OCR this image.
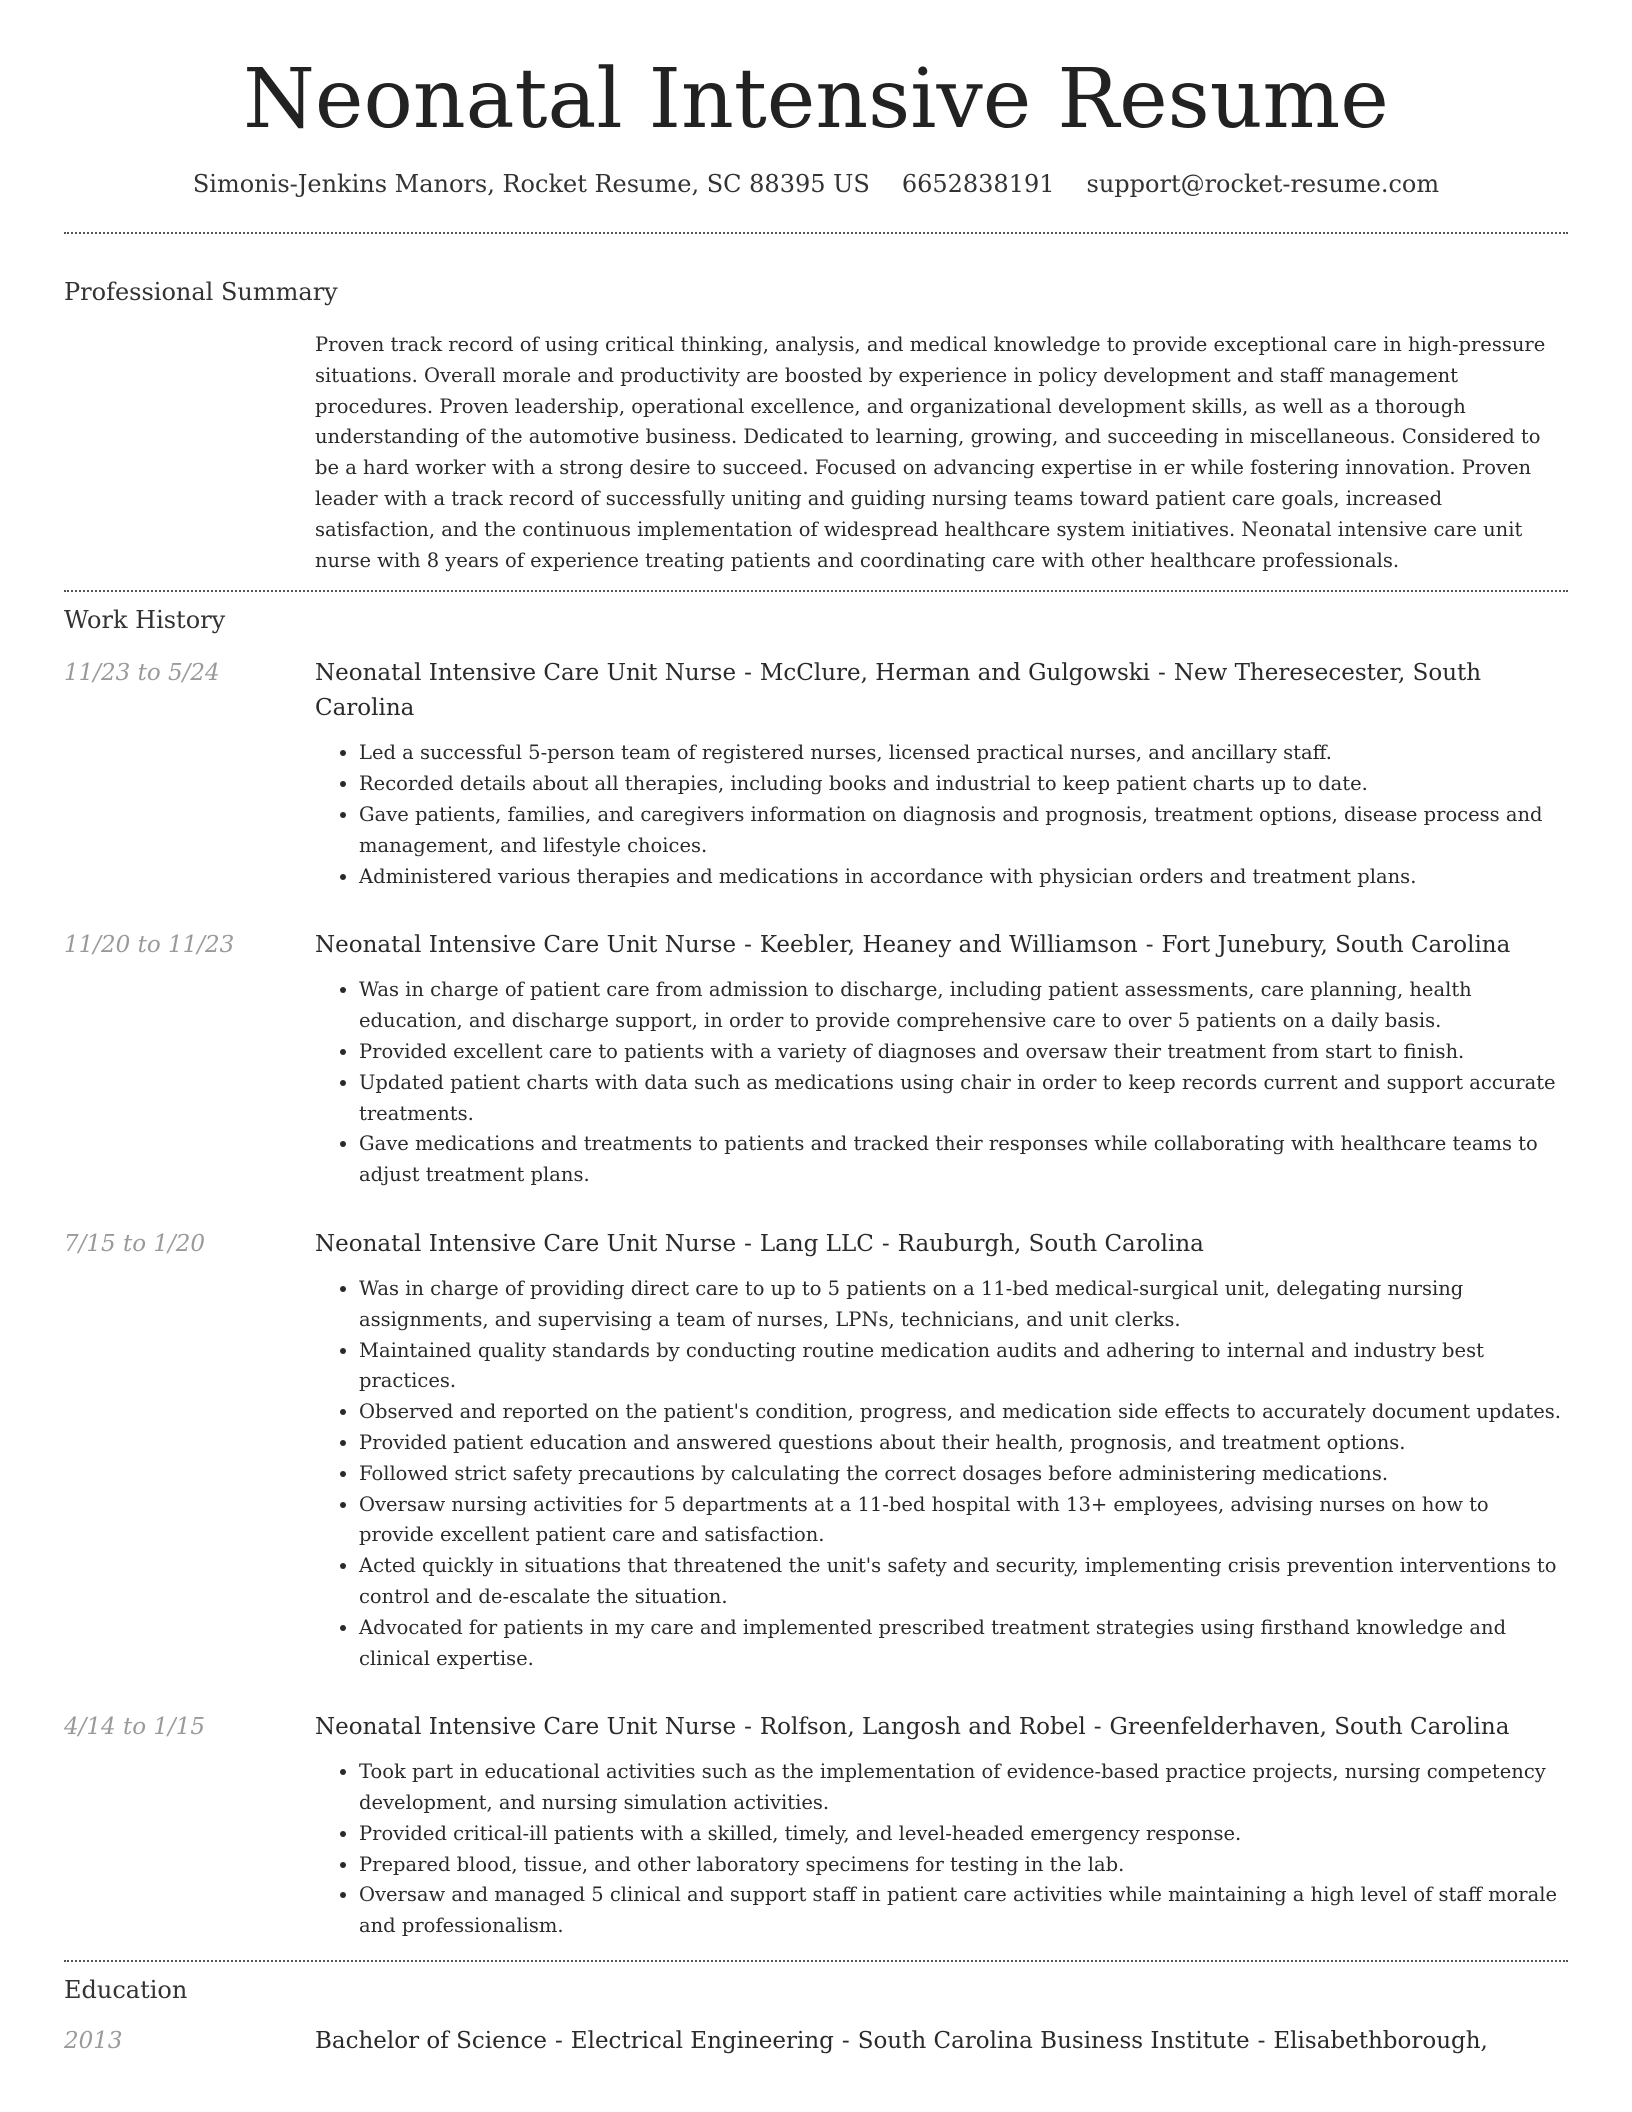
Neonatal Intensive Resume
Simonis-Jenkins Manors, Rocket Resume, SC 88395 US 6652838191 support@rocket-resume.com
Professional Summary
Proven track record of using critical thinking, analysis, and medical knowledge to provide exceptional care in high-pressure situations. Overall morale and productivity are boosted by experience in policy development and staff management procedures. Proven leadership, operational excellence, and organizational development skills, as well as a thorough understanding of the automotive business. Dedicated to learning, growing, and succeeding in miscellaneous. Considered to be a hard worker with a strong desire to succeed. Focused on advancing expertise in er while fostering innovation. Proven leader with a track record of successfully uniting and guiding nursing teams toward patient care goals, increased satisfaction, and the continuous implementation of widespread healthcare system initiatives. Neonatal intensive care unit nurse with 8 years of experience treating patients and coordinating care with other healthcare professionals.
Work History
11/23 to 5/24	Neonatal Intensive Care Unit Nurse - McClure, Herman and Gulgowski - New Theresecester, South Carolina
• Led a successful 5-person team of registered nurses, licensed practical nurses, and ancillary staff.
• Recorded details about all therapies, including books and industrial to keep patient charts up to date.
• Gave patients, families, and caregivers information on diagnosis and prognosis, treatment options, disease process and management, and lifestyle choices.
• Administered various therapies and medications in accordance with physician orders and treatment plans.
11/20 to 11/23	Neonatal Intensive Care Unit Nurse - Keebler, Heaney and Williamson - Fort Junebury, South Carolina
• Was in charge of patient care from admission to discharge, including patient assessments, care planning, health education, and discharge support, in order to provide comprehensive care to over 5 patients on a daily basis.
• Provided excellent care to patients with a variety of diagnoses and oversaw their treatment from start to finish.
• Updated patient charts with data such as medications using chair in order to keep records current and support accurate treatments.
• Gave medications and treatments to patients and tracked their responses while collaborating with healthcare teams to adjust treatment plans.
7/15 to 1/20	Neonatal Intensive Care Unit Nurse - Lang LLC - Rauburgh, South Carolina
• Was in charge of providing direct care to up to 5 patients on a 11-bed medical-surgical unit, delegating nursing assignments, and supervising a team of nurses, LPNs, technicians, and unit clerks.
• Maintained quality standards by conducting routine medication audits and adhering to internal and industry best practices.
• Observed and reported on the patient's condition, progress, and medication side effects to accurately document updates.
• Provided patient education and answered questions about their health, prognosis, and treatment options.
• Followed strict safety precautions by calculating the correct dosages before administering medications.
• Oversaw nursing activities for 5 departments at a 11-bed hospital with 13+ employees, advising nurses on how to provide excellent patient care and satisfaction.
• Acted quickly in situations that threatened the unit's safety and security, implementing crisis prevention interventions to control and de-escalate the situation.
• Advocated for patients in my care and implemented prescribed treatment strategies using firsthand knowledge and clinical expertise.
4/14 to 1/15	Neonatal Intensive Care Unit Nurse - Rolfson, Langosh and Robel - Greenfelderhaven, South Carolina
• Took part in educational activities such as the implementation of evidence-based practice projects, nursing competency development, and nursing simulation activities.
• Provided critical-ill patients with a skilled, timely, and level-headed emergency response.
• Prepared blood, tissue, and other laboratory specimens for testing in the lab.
• Oversaw and managed 5 clinical and support staff in patient care activities while maintaining a high level of staff morale and professionalism.
Education
2013	Bachelor of Science - Electrical Engineering - South Carolina Business Institute - Elisabethborough,
